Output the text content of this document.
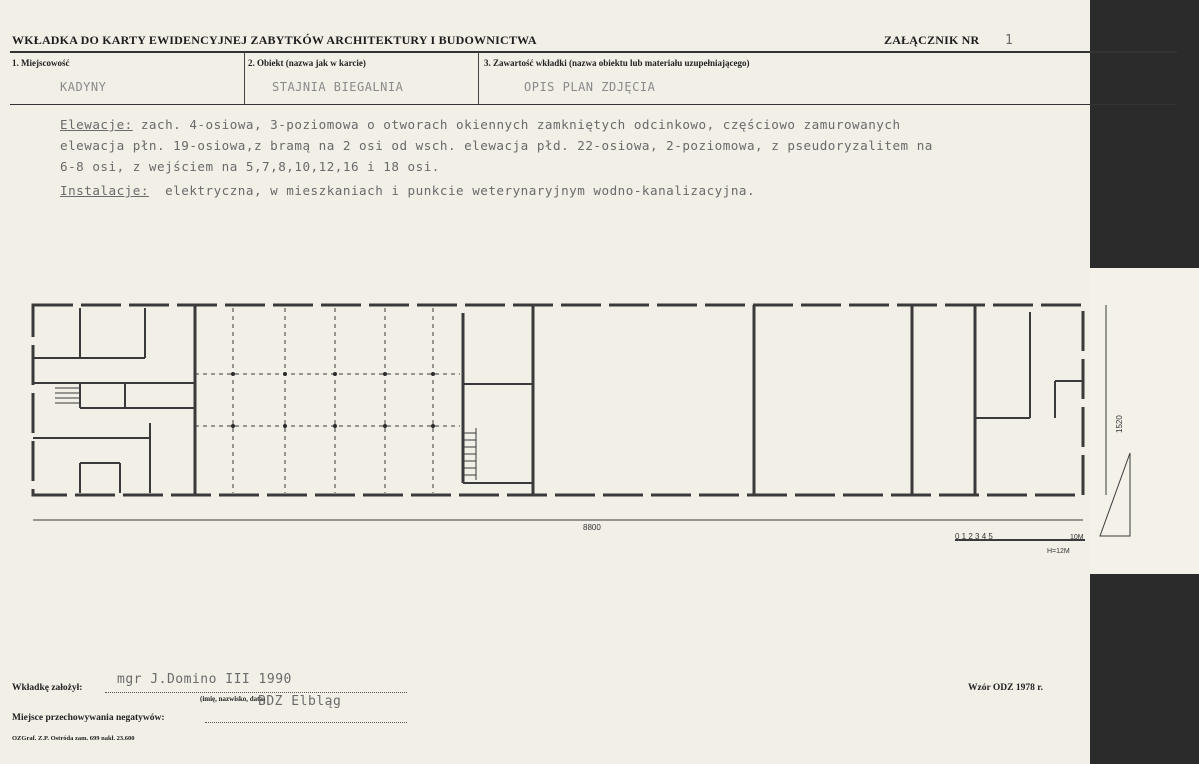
WKŁADKA DO KARTY EWIDENCYJNEJ ZABYTKÓW ARCHITEKTURY I BUDOWNICTWA	ZAŁĄCZNIK NR 1
1. Miejscowość	2. Obiekt (nazwa jak w karcie)	3. Zawartość wkładki (nazwa obiektu lub materiału uzupełniającego)
KADYNY	STAJNIA BIEGALNIA	OPIS PLAN ZDJĘCIA
Elewacje: zach. 4-osiowa, 3-poziomowa o otworach okiennych zamkniętych odcinkowo, częściowo zamurowanych
elewacja płn. 19-osiowa,z bramą na 2 osi od wsch. elewacja płd. 22-osiowa, 2-poziomowa, z pseudoryzalitem na
6-8 osi, z wejściem na 5,7,8,10,12,16 i 18 osi.
Instalacje:  elektryczna, w mieszkaniach i punkcie weterynaryjnym wodno-kanalizacyjna.
8800
1520
0 1 2 3 4 5	10M
H=12M
Wkładkę założył:
mgr J.Domino III 1990
(imię, nazwisko, data)
Miejsce przechowywania negatywów:
BDZ Elbląg
Wzór ODZ 1978 r.
OZGraf. Z.P. Ostróda zam. 699 nakł. 23.600
